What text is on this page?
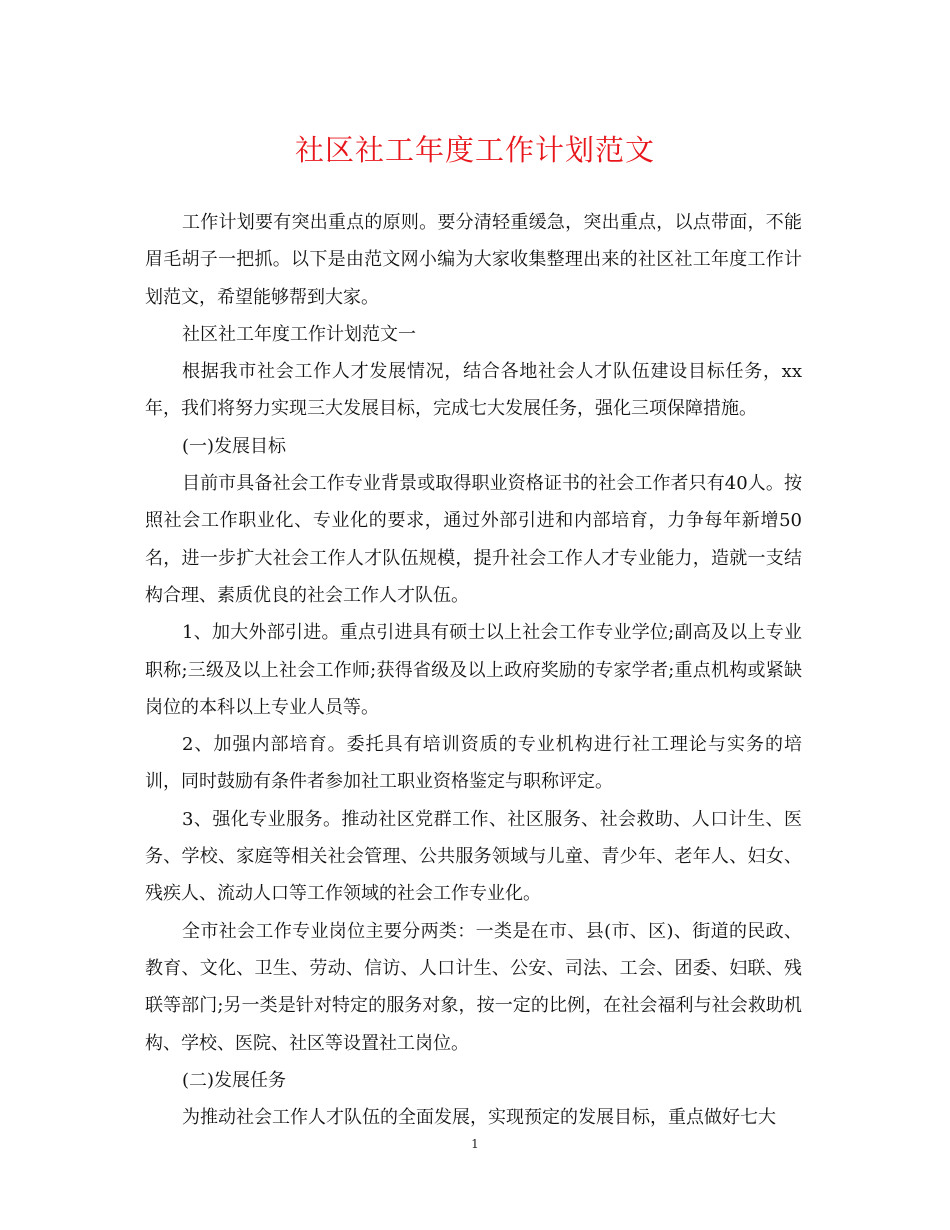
社区社工年度工作计划范文

工作计划要有突出重点的原则。要分清轻重缓急，突出重点，以点带面，不能眉毛胡子一把抓。以下是由范文网小编为大家收集整理出来的社区社工年度工作计划范文，希望能够帮到大家。

社区社工年度工作计划范文一

根据我市社会工作人才发展情况，结合各地社会人才队伍建设目标任务，xx年，我们将努力实现三大发展目标，完成七大发展任务，强化三项保障措施。

(一)发展目标

目前市具备社会工作专业背景或取得职业资格证书的社会工作者只有40人。按照社会工作职业化、专业化的要求，通过外部引进和内部培育，力争每年新增50名，进一步扩大社会工作人才队伍规模，提升社会工作人才专业能力，造就一支结构合理、素质优良的社会工作人才队伍。

1、加大外部引进。重点引进具有硕士以上社会工作专业学位;副高及以上专业职称;三级及以上社会工作师;获得省级及以上政府奖励的专家学者;重点机构或紧缺岗位的本科以上专业人员等。

2、加强内部培育。委托具有培训资质的专业机构进行社工理论与实务的培训，同时鼓励有条件者参加社工职业资格鉴定与职称评定。

3、强化专业服务。推动社区党群工作、社区服务、社会救助、人口计生、医务、学校、家庭等相关社会管理、公共服务领域与儿童、青少年、老年人、妇女、残疾人、流动人口等工作领域的社会工作专业化。

全市社会工作专业岗位主要分两类：一类是在市、县(市、区)、街道的民政、教育、文化、卫生、劳动、信访、人口计生、公安、司法、工会、团委、妇联、残联等部门;另一类是针对特定的服务对象，按一定的比例，在社会福利与社会救助机构、学校、医院、社区等设置社工岗位。

(二)发展任务

为推动社会工作人才队伍的全面发展，实现预定的发展目标，重点做好七大

1
